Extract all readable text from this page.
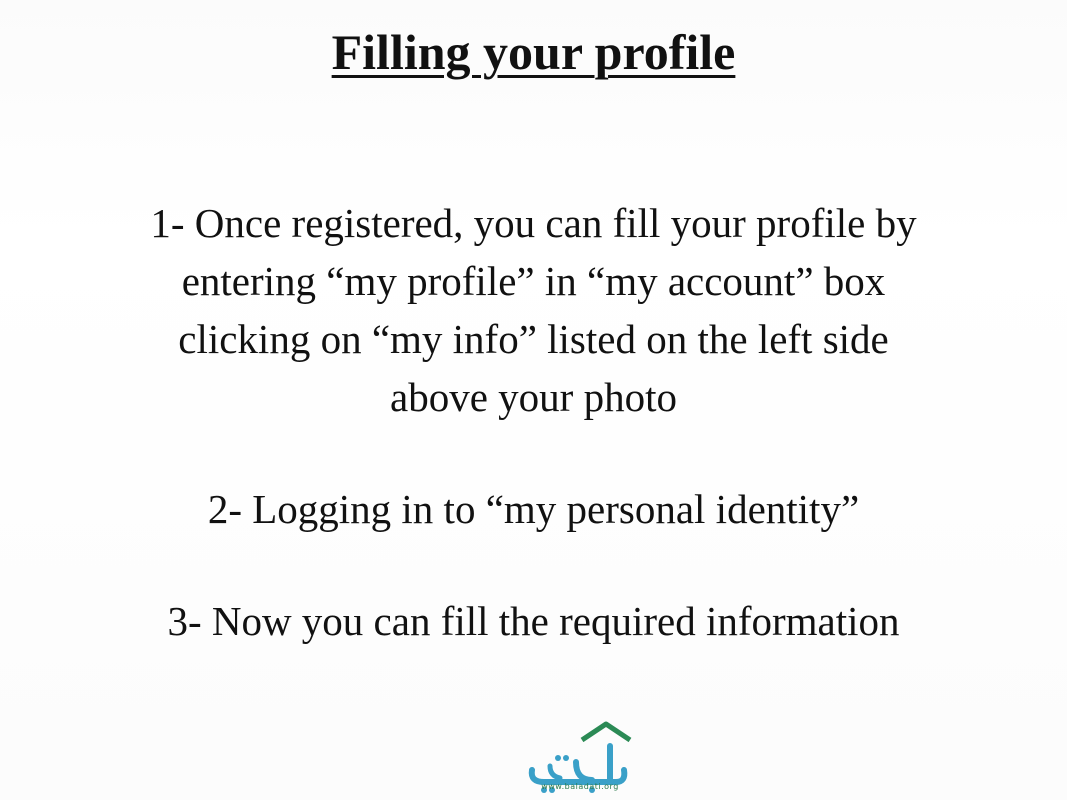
Filling your profile
1- Once registered, you can fill your profile by
entering “my profile” in “my account” box
clicking on “my info” listed on the left side
above your photo
2- Logging in to “my personal identity”
3- Now you can fill the required information
www.baladati.org
